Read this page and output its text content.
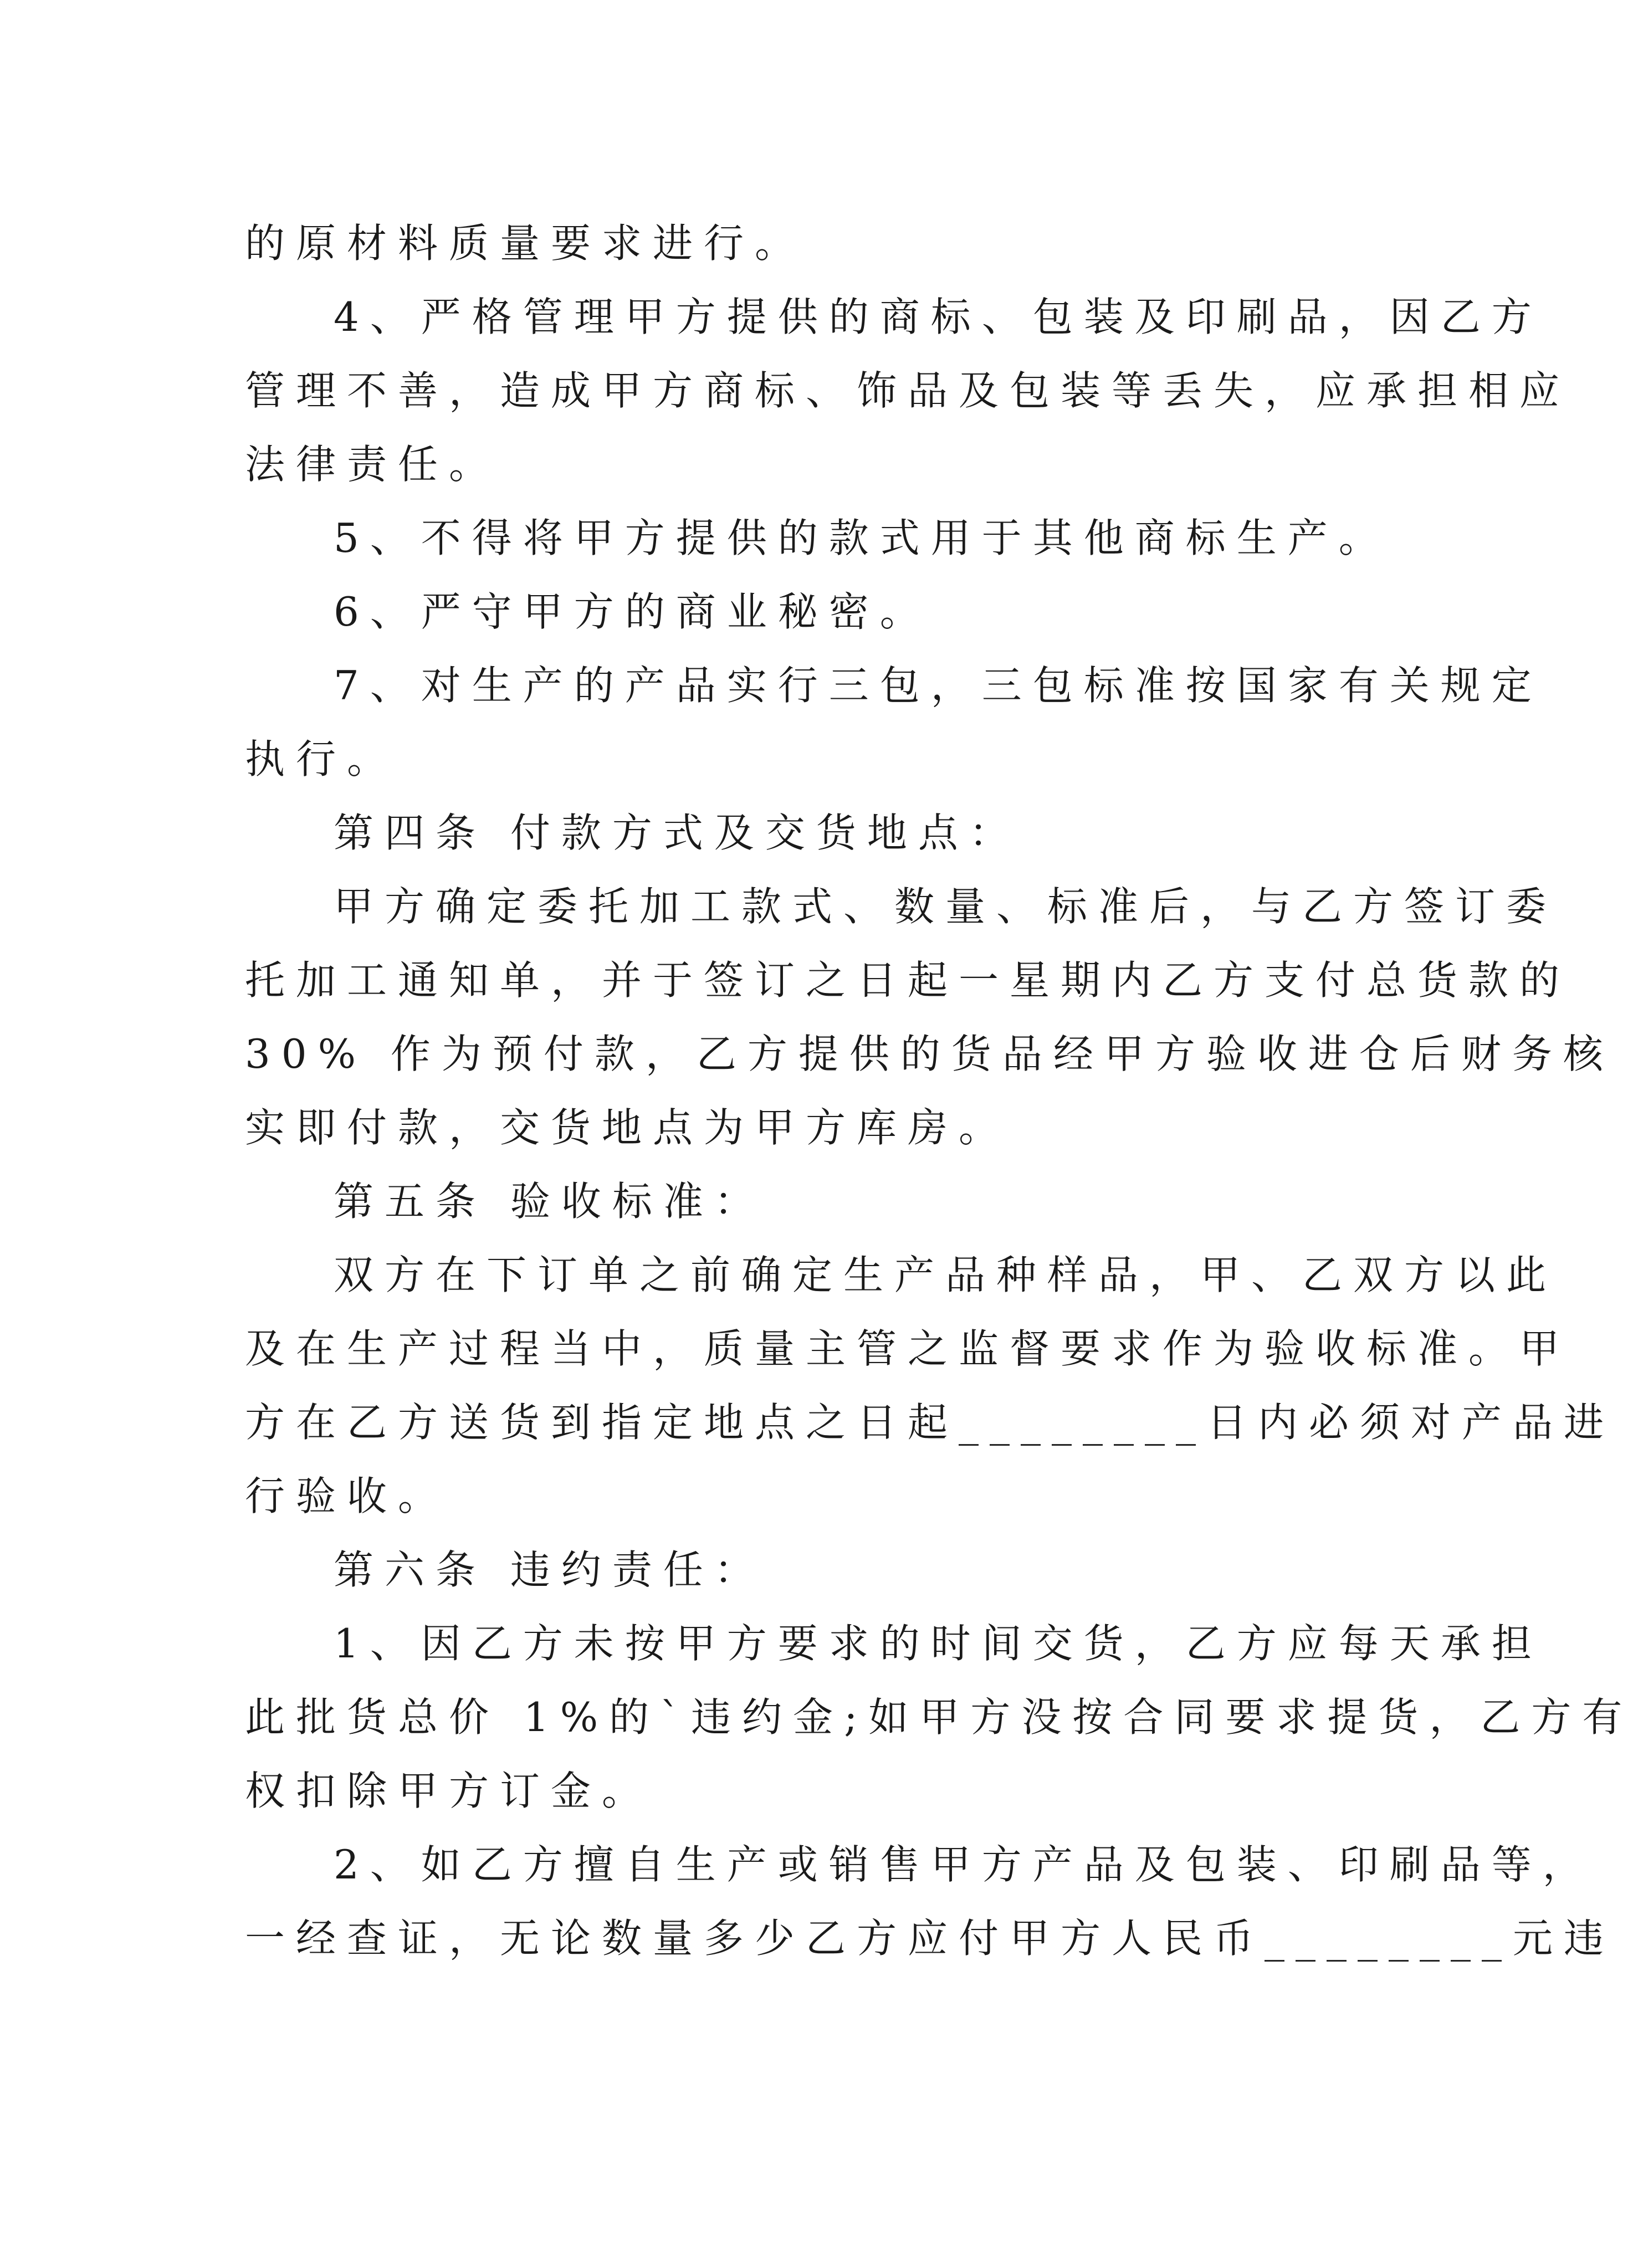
的原材料质量要求进行。
4、严格管理甲方提供的商标、包装及印刷品，因乙方
管理不善，造成甲方商标、饰品及包装等丢失，应承担相应
法律责任。
5、不得将甲方提供的款式用于其他商标生产。
6、严守甲方的商业秘密。
7、对生产的产品实行三包，三包标准按国家有关规定
执行。
第四条 付款方式及交货地点：
甲方确定委托加工款式、数量、标准后，与乙方签订委
托加工通知单，并于签订之日起一星期内乙方支付总货款的
30% 作为预付款，乙方提供的货品经甲方验收进仓后财务核
实即付款，交货地点为甲方库房。
第五条 验收标准：
双方在下订单之前确定生产品种样品，甲、乙双方以此
及在生产过程当中，质量主管之监督要求作为验收标准。甲
方在乙方送货到指定地点之日起________日内必须对产品进
行验收。
第六条 违约责任：
1、因乙方未按甲方要求的时间交货，乙方应每天承担
此批货总价 1%的`违约金;如甲方没按合同要求提货，乙方有
权扣除甲方订金。
2、如乙方擅自生产或销售甲方产品及包装、印刷品等，
一经查证，无论数量多少乙方应付甲方人民币________元违
